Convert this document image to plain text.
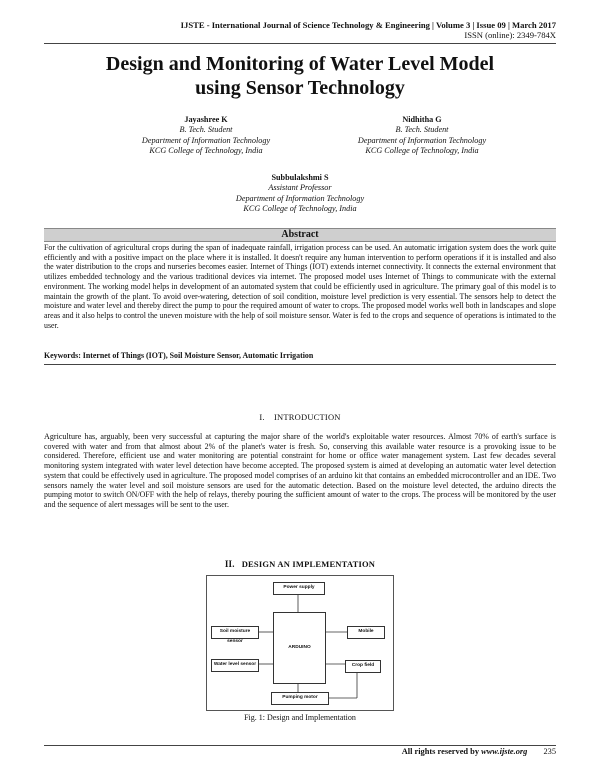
IJSTE - International Journal of Science Technology & Engineering | Volume 3 | Issue 09 | March 2017
ISSN (online): 2349-784X
Design and Monitoring of Water Level Model
using Sensor Technology
Jayashree K
B. Tech. Student
Department of Information Technology
KCG College of Technology, India
Nidhitha G
B. Tech. Student
Department of Information Technology
KCG College of Technology, India
Subbulakshmi S
Assistant Professor
Department of Information Technology
KCG College of Technology, India
Abstract
For the cultivation of agricultural crops during the span of inadequate rainfall, irrigation process can be used. An automatic irrigation system does the work quite efficiently and with a positive impact on the place where it is installed. It doesn't require any human intervention to perform operations if it is installed and also the water distribution to the crops and nurseries becomes easier. Internet of Things (IOT) extends internet connectivity. It connects the external environment that utilizes embedded technology and the various traditional devices via internet. The proposed model uses Internet of Things to communicate with the external environment. The working model helps in development of an automated system that could be efficiently used in agriculture. The primary goal of this model is to maintain the growth of the plant. To avoid over-watering, detection of soil condition, moisture level prediction is very essential. The sensors help to detect the moisture and water level and thereby direct the pump to pour the required amount of water to crops. The proposed model works well both in landscapes and slope areas and it also helps to control the uneven moisture with the help of soil moisture sensor. Water is fed to the crops and sequence of operations is intimated to the user.
Keywords: Internet of Things (IOT), Soil Moisture Sensor, Automatic Irrigation
I. INTRODUCTION
Agriculture has, arguably, been very successful at capturing the major share of the world's exploitable water resources. Almost 70% of earth's surface is covered with water and from that almost about 2% of the planet's water is fresh. So, conserving this available water resource is a provoking issue to be considered. Therefore, efficient use and water monitoring are potential constraint for home or office water management system. Last few decades several monitoring system integrated with water level detection have become accepted. The proposed system is aimed at developing an automatic water level detection system that could be effectively used in agriculture. The proposed model comprises of an arduino kit that contains an embedded microcontroller and an IDE. Two sensors namely the water level and soil moisture sensors are used for the automatic detection. Based on the moisture level detected, the arduino directs the pumping motor to switch ON/OFF with the help of relays, thereby pouring the sufficient amount of water to the crops. The process will be monitored by the user and the sequence of alert messages will be sent to the user.
II. DESIGN AN IMPLEMENTATION
Power supply
Soil moisture sensor
ARDUINO
Mobile
Water level sensor	Crop field
Pumping motor
Fig. 1: Design and Implementation
All rights reserved by www.ijste.org 235
